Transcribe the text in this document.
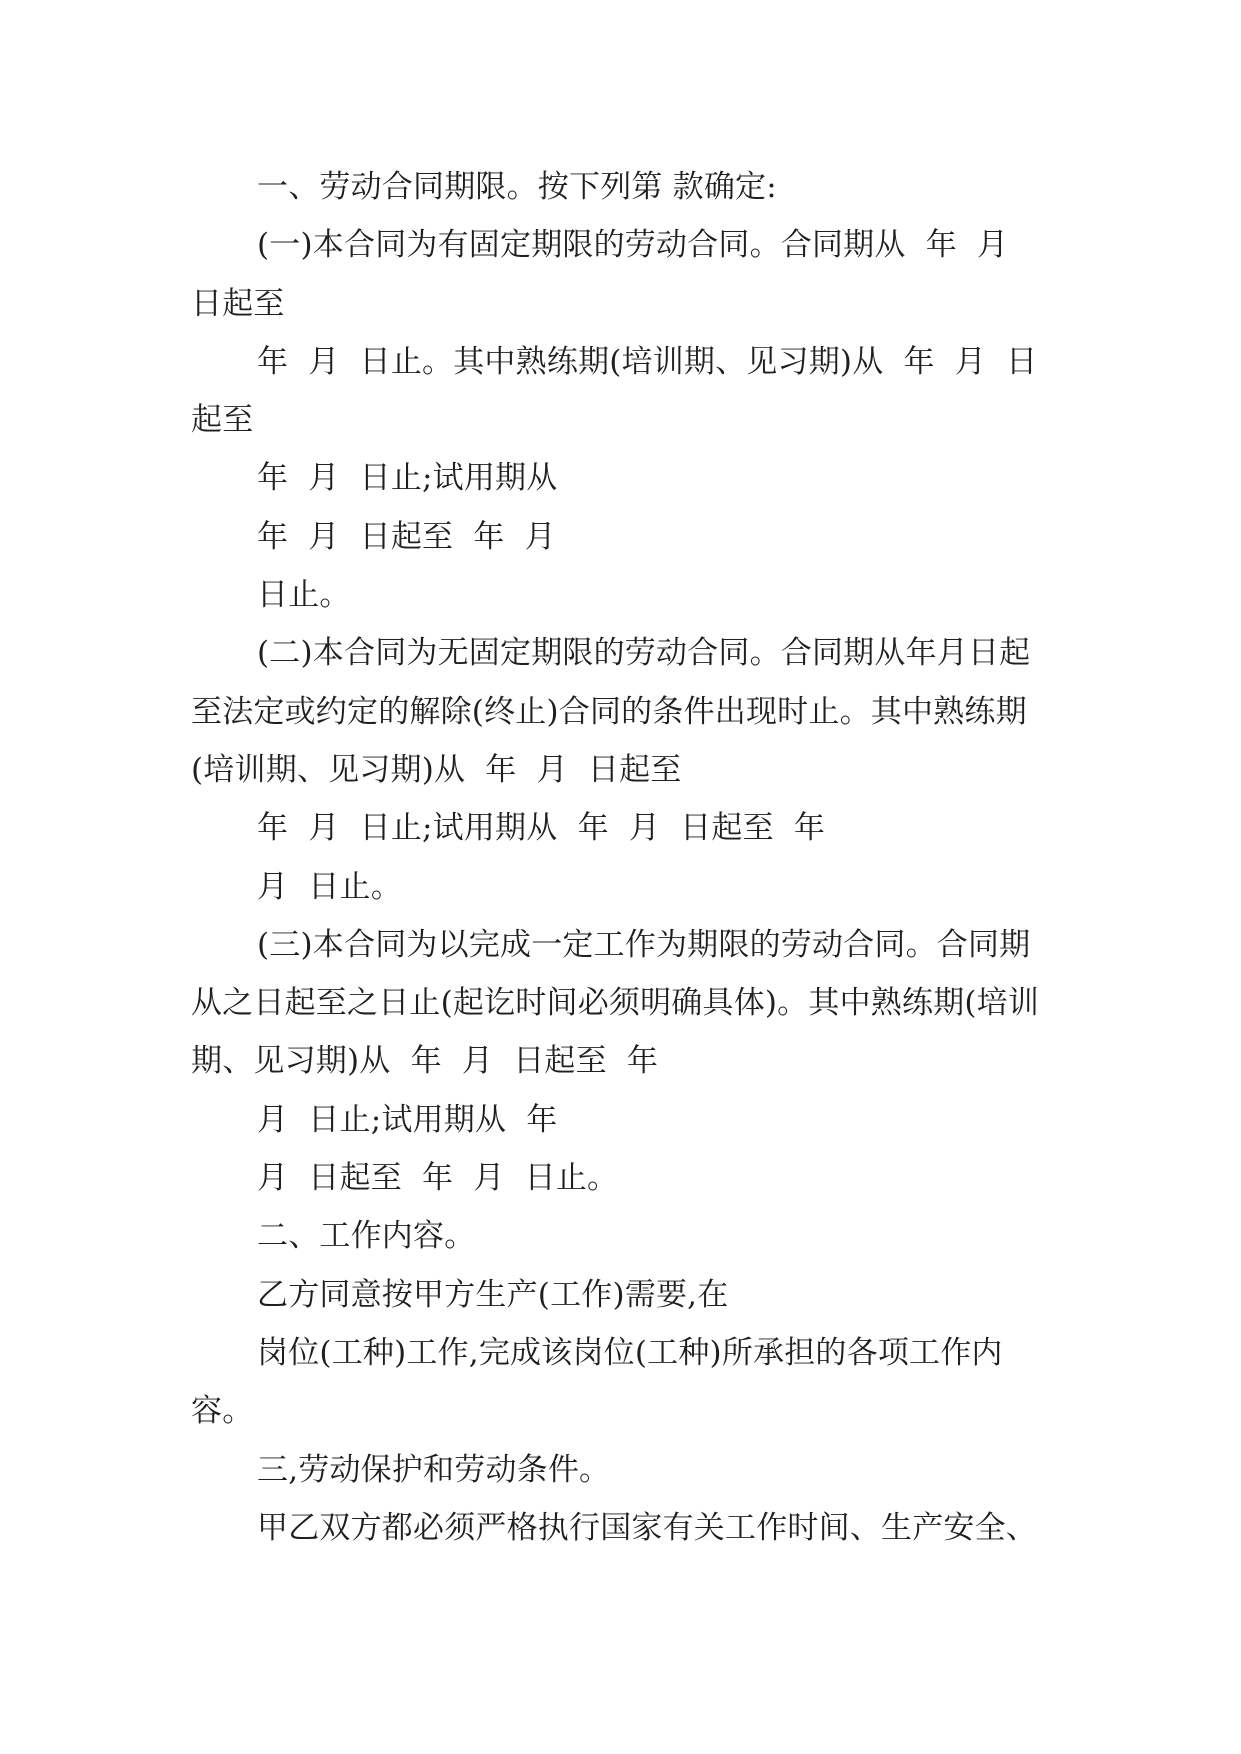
一、劳动合同期限。按下列第 款确定:

(一)本合同为有固定期限的劳动合同。合同期从  年  月  日起至

年  月  日止。其中熟练期(培训期、见习期)从  年  月  日起至

年  月  日止;试用期从

年  月  日起至  年  月

日止。

(二)本合同为无固定期限的劳动合同。合同期从年月日起至法定或约定的解除(终止)合同的条件出现时止。其中熟练期(培训期、见习期)从  年  月  日起至

年  月  日止;试用期从  年  月  日起至  年

月  日止。

(三)本合同为以完成一定工作为期限的劳动合同。合同期从之日起至之日止(起讫时间必须明确具体)。其中熟练期(培训期、见习期)从  年  月  日起至  年

月  日止;试用期从  年

月  日起至  年  月  日止。

二、工作内容。

乙方同意按甲方生产(工作)需要,在

岗位(工种)工作,完成该岗位(工种)所承担的各项工作内容。

三,劳动保护和劳动条件。

甲乙双方都必须严格执行国家有关工作时间、生产安全、
